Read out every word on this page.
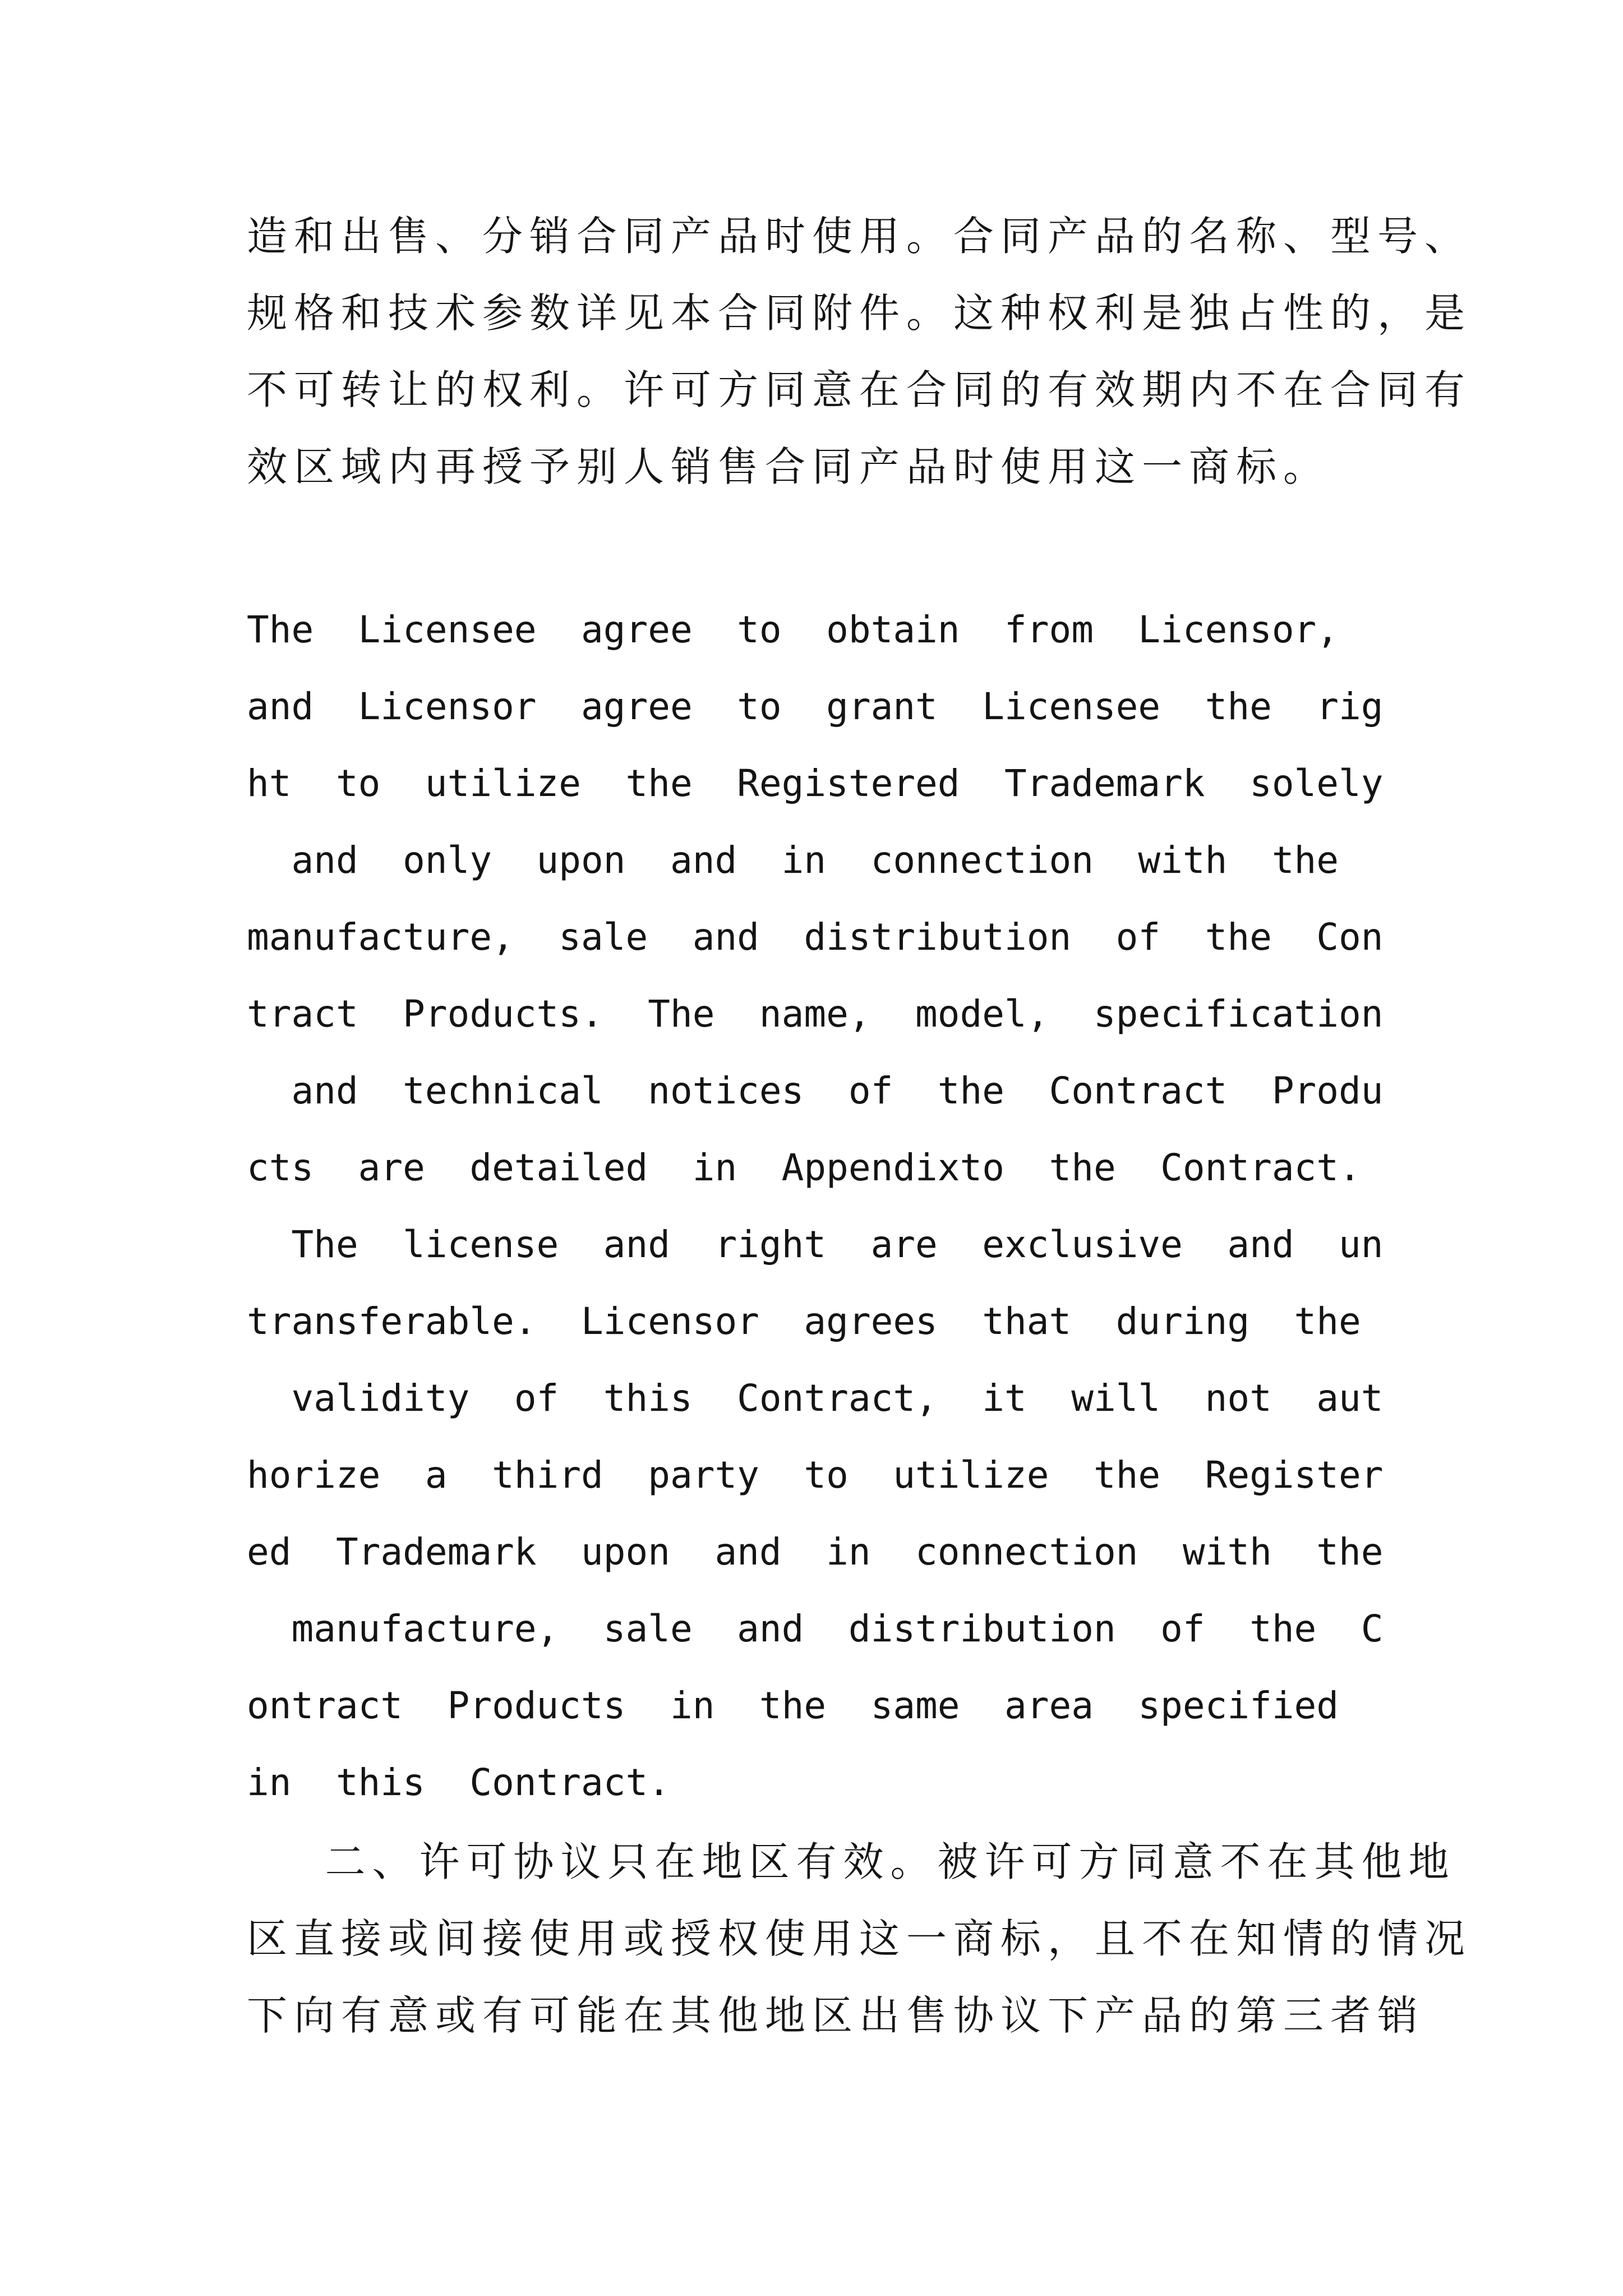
造和出售、分销合同产品时使用。合同产品的名称、型号、
规格和技术参数详见本合同附件。这种权利是独占性的，是
不可转让的权利。许可方同意在合同的有效期内不在合同有
效区域内再授予别人销售合同产品时使用这一商标。
The  Licensee  agree  to  obtain  from  Licensor,
and  Licensor  agree  to  grant  Licensee  the  rig
ht  to  utilize  the  Registered  Trademark  solely
and  only  upon  and  in  connection  with  the
manufacture,  sale  and  distribution  of  the  Con
tract  Products.  The  name,  model,  specification
and  technical  notices  of  the  Contract  Produ
cts  are  detailed  in  Appendixto  the  Contract.
The  license  and  right  are  exclusive  and  un
transferable.  Licensor  agrees  that  during  the
validity  of  this  Contract,  it  will  not  aut
horize  a  third  party  to  utilize  the  Register
ed  Trademark  upon  and  in  connection  with  the
manufacture,  sale  and  distribution  of  the  C
ontract  Products  in  the  same  area  specified
in  this  Contract.
二、许可协议只在地区有效。被许可方同意不在其他地
区直接或间接使用或授权使用这一商标，且不在知情的情况
下向有意或有可能在其他地区出售协议下产品的第三者销
